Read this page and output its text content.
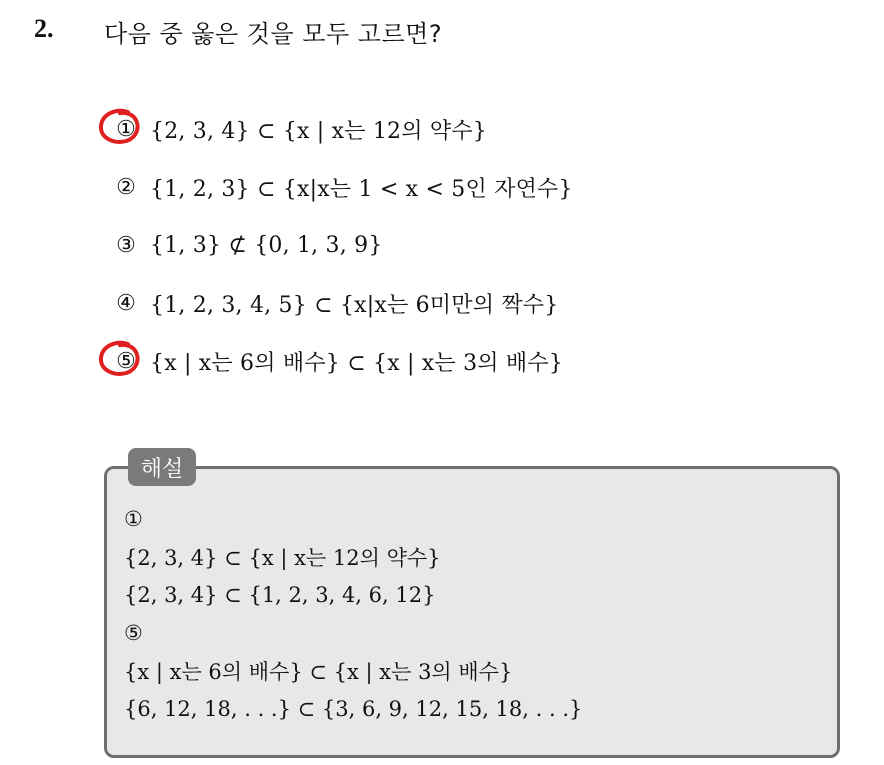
2. 다음 중 옳은 것을 모두 고르면?
① {2, 3, 4} ⊂ {x | x는 12의 약수}
② {1, 2, 3} ⊂ {x|x는 1 < x < 5인 자연수}
③ {1, 3} ⊄ {0, 1, 3, 9}
④ {1, 2, 3, 4, 5} ⊂ {x|x는 6미만의 짝수}
⑤ {x | x는 6의 배수} ⊂ {x | x는 3의 배수}
해설
①
{2, 3, 4} ⊂ {x | x는 12의 약수}
{2, 3, 4} ⊂ {1, 2, 3, 4, 6, 12}
⑤
{x | x는 6의 배수} ⊂ {x | x는 3의 배수}
{6, 12, 18, . . .} ⊂ {3, 6, 9, 12, 15, 18, . . .}
